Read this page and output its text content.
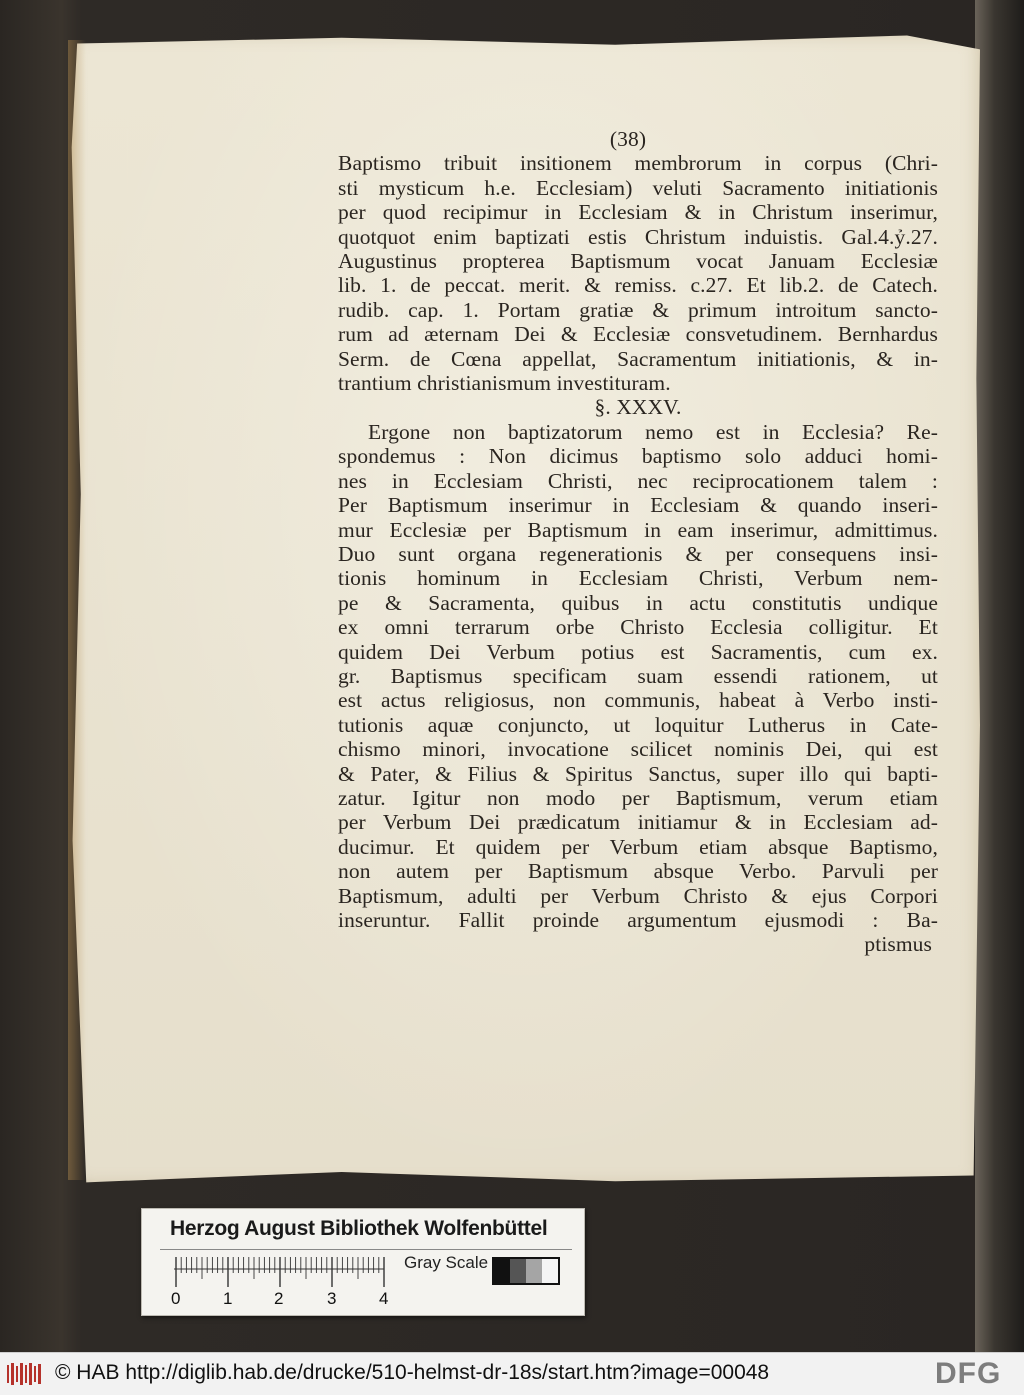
(38)
Baptismo tribuit insitionem membrorum in corpus (Chri-
sti mysticum h.e. Ecclesiam) veluti Sacramento initiationis
per quod recipimur in Ecclesiam & in Christum inserimur,
quotquot enim baptizati estis Christum induistis. Gal.4.ỷ.27.
Augustinus propterea Baptismum vocat Januam Ecclesiæ
lib. 1. de peccat. merit. & remiss. c.27. Et lib.2. de Catech.
rudib. cap. 1. Portam gratiæ & primum introitum sancto-
rum ad æternam Dei & Ecclesiæ consvetudinem. Bernhardus
Serm. de Cœna appellat, Sacramentum initiationis, & in-
trantium christianismum investituram.
§. XXXV.
Ergone non baptizatorum nemo est in Ecclesia? Re-
spondemus : Non dicimus baptismo solo adduci homi-
nes in Ecclesiam Christi, nec reciprocationem talem :
Per Baptismum inserimur in Ecclesiam & quando inseri-
mur Ecclesiæ per Baptismum in eam inserimur, admittimus.
Duo sunt organa regenerationis & per consequens insi-
tionis hominum in Ecclesiam Christi, Verbum nem-
pe & Sacramenta, quibus in actu constitutis undique
ex omni terrarum orbe Christo Ecclesia colligitur. Et
quidem Dei Verbum potius est Sacramentis, cum ex.
gr. Baptismus specificam suam essendi rationem, ut
est actus religiosus, non communis, habeat à Verbo insti-
tutionis aquæ conjuncto, ut loquitur Lutherus in Cate-
chismo minori, invocatione scilicet nominis Dei, qui est
& Pater, & Filius & Spiritus Sanctus, super illo qui bapti-
zatur. Igitur non modo per Baptismum, verum etiam
per Verbum Dei prædicatum initiamur & in Ecclesiam ad-
ducimur. Et quidem per Verbum etiam absque Baptismo,
non autem per Baptismum absque Verbo. Parvuli per
Baptismum, adulti per Verbum Christo & ejus Corpori
inseruntur. Fallit proinde argumentum ejusmodi : Ba-
ptismus
Herzog August Bibliothek Wolfenbüttel
Gray Scale
0	1 2	3	4
© HAB http://diglib.hab.de/drucke/510-helmst-dr-18s/start.htm?image=00048	DFG
